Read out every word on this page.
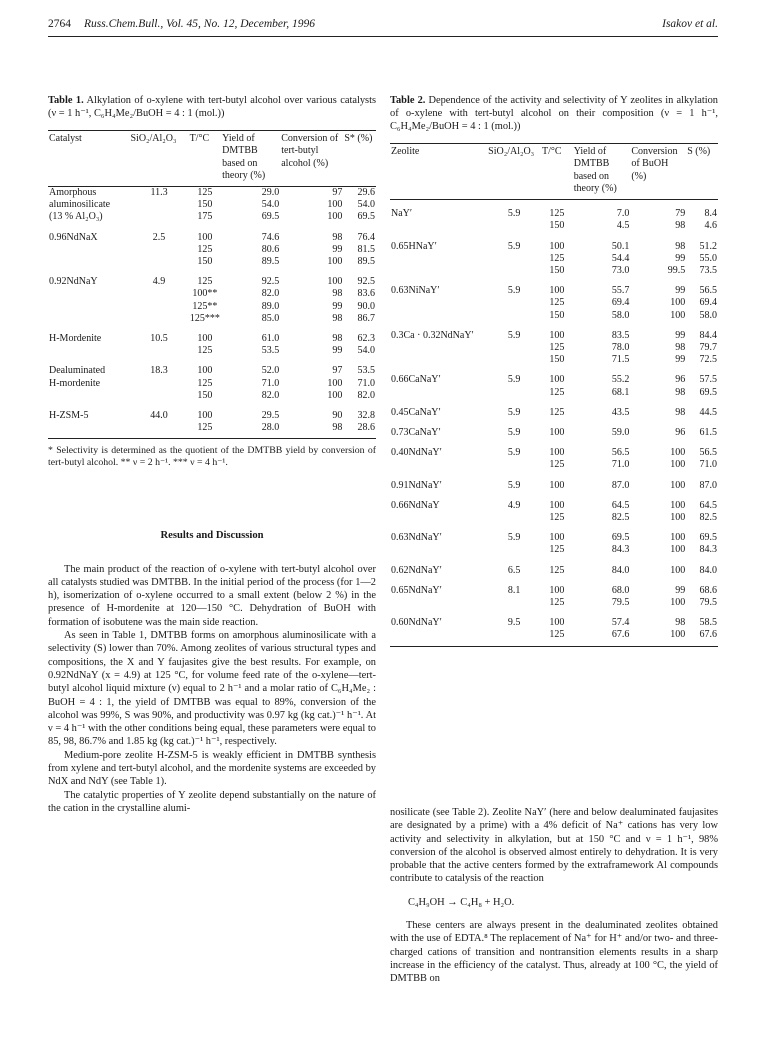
2764 Russ.Chem.Bull., Vol. 45, No. 12, December, 1996	Isakov et al.
Table 1. Alkylation of o-xylene with tert-butyl alcohol over various catalysts (ν = 1 h⁻¹, C₆H₄Me₂/BuOH = 4 : 1 (mol.))
Catalyst	SiO₂/Al₂O₃	T/°C	Yield of DMTBB based on theory (%)	Conversion of tert-butyl alcohol (%)	S* (%)
Amorphous	11.3	125	29.0	97	29.6
aluminosilicate		150	54.0	100	54.0
(13 % Al₂O₃)		175	69.5	100	69.5
0.96NdNaX	2.5	100	74.6	98	76.4
		125	80.6	99	81.5
		150	89.5	100	89.5
0.92NdNaY	4.9	125	92.5	100	92.5
		100**	82.0	98	83.6
		125**	89.0	99	90.0
		125***	85.0	98	86.7
H-Mordenite	10.5	100	61.0	98	62.3
		125	53.5	99	54.0
Dealuminated	18.3	100	52.0	97	53.5
H-mordenite		125	71.0	100	71.0
		150	82.0	100	82.0
H-ZSM-5	44.0	100	29.5	90	32.8
		125	28.0	98	28.6
* Selectivity is determined as the quotient of the DMTBB yield by conversion of tert-butyl alcohol. ** ν = 2 h⁻¹. *** ν = 4 h⁻¹.
Results and Discussion

The main product of the reaction of o-xylene with tert-butyl alcohol over all catalysts studied was DMTBB. In the initial period of the process (for 1—2 h), isomerization of o-xylene occurred to a small extent (below 2 %) in the presence of H-mordenite at 120—150 °C. Dehydration of BuOH with formation of isobutene was the main side reaction.

As seen in Table 1, DMTBB forms on amorphous aluminosilicate with a selectivity (S) lower than 70%. Among zeolites of various structural types and compositions, the X and Y faujasites give the best results. For example, on 0.92NdNaY (x = 4.9) at 125 °C, for volume feed rate of the o-xylene—tert-butyl alcohol liquid mixture (ν) equal to 2 h⁻¹ and a molar ratio of C₆H₄Me₂ : BuOH = 4 : 1, the yield of DMTBB was equal to 89%, conversion of the alcohol was 99%, S was 90%, and productivity was 0.97 kg (kg cat.)⁻¹ h⁻¹. At ν = 4 h⁻¹ with the other conditions being equal, these parameters were equal to 85, 98, 86.7% and 1.85 kg (kg cat.)⁻¹ h⁻¹, respectively.

Medium-pore zeolite H-ZSM-5 is weakly efficient in DMTBB synthesis from xylene and tert-butyl alcohol, and the mordenite systems are exceeded by NdX and NdY (see Table 1).

The catalytic properties of Y zeolite depend substantially on the nature of the cation in the crystalline alumi-

Table 2. Dependence of the activity and selectivity of Y zeolites in alkylation of o-xylene with tert-butyl alcohol on their composition (ν = 1 h⁻¹, C₆H₄Me₂/BuOH = 4 : 1 (mol.))
Zeolite	SiO₂/Al₂O₃	T/°C	Yield of DMTBB based on theory (%)	Conversion of BuOH (%)	S (%)
NaY′	5.9	125	7.0	79	8.4
		150	4.5	98	4.6
0.65HNaY′	5.9	100	50.1	98	51.2
		125	54.4	99	55.0
		150	73.0	99.5	73.5
0.63NiNaY′	5.9	100	55.7	99	56.5
		125	69.4	100	69.4
		150	58.0	100	58.0
0.3Ca · 0.32NdNaY′	5.9	100	83.5	99	84.4
		125	78.0	98	79.7
		150	71.5	99	72.5
0.66CaNaY′	5.9	100	55.2	96	57.5
		125	68.1	98	69.5
0.45CaNaY′	5.9	125	43.5	98	44.5
0.73CaNaY′	5.9	100	59.0	96	61.5
0.40NdNaY′	5.9	100	56.5	100	56.5
		125	71.0	100	71.0
0.91NdNaY′	5.9	100	87.0	100	87.0
0.66NdNaY	4.9	100	64.5	100	64.5
		125	82.5	100	82.5
0.63NdNaY′	5.9	100	69.5	100	69.5
		125	84.3	100	84.3
0.62NdNaY′	6.5	125	84.0	100	84.0
0.65NdNaY′	8.1	100	68.0	99	68.6
		125	79.5	100	79.5
0.60NdNaY′	9.5	100	57.4	98	58.5
		125	67.6	100	67.6

nosilicate (see Table 2). Zeolite NaY′ (here and below dealuminated faujasites are designated by a prime) with a 4% deficit of Na⁺ cations has very low activity and selectivity in alkylation, but at 150 °C and ν = 1 h⁻¹, 98% conversion of the alcohol is observed almost entirely to dehydration. It is very probable that the active centers formed by the extraframework Al compounds contribute to catalysis of the reaction

C₄H₉OH → C₄H₈ + H₂O.

These centers are always present in the dealuminated zeolites obtained with the use of EDTA.⁸ The replacement of Na⁺ for H⁺ and/or two- and three-charged cations of transition and nontransition elements results in a sharp increase in the efficiency of the catalyst. Thus, already at 100 °C, the yield of DMTBB on
